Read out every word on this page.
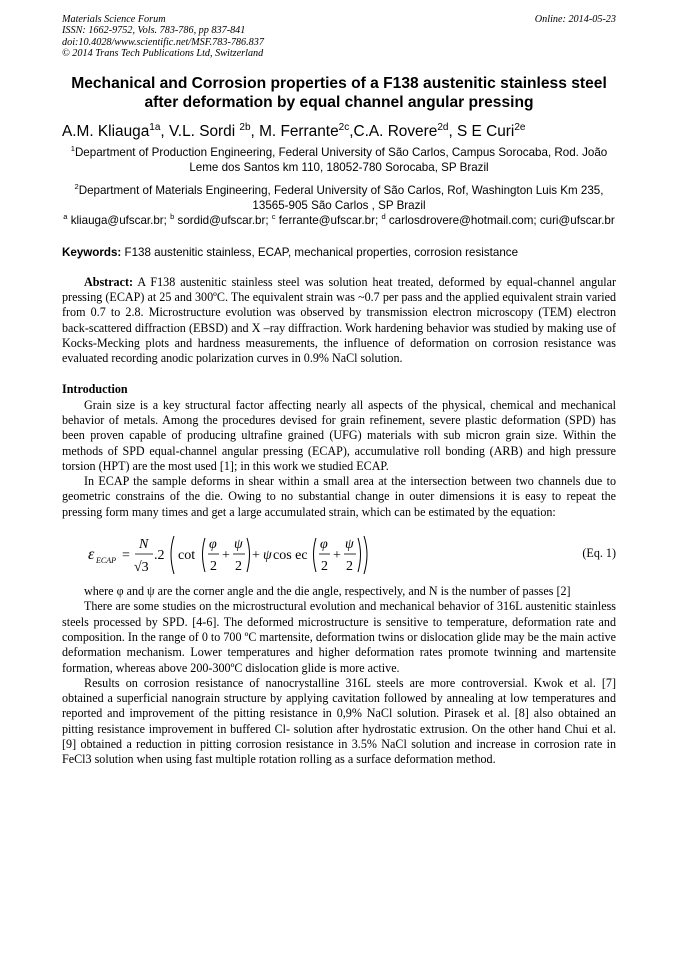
Materials Science Forum
ISSN: 1662-9752, Vols. 783-786, pp 837-841
doi:10.4028/www.scientific.net/MSF.783-786.837
© 2014 Trans Tech Publications Ltd, Switzerland
Online: 2014-05-23
Mechanical and Corrosion properties of a F138 austenitic stainless steel after deformation by equal channel angular pressing
A.M. Kliauga$^{1a}$, V.L. Sordi $^{2b}$, M. Ferrante$^{2c}$,C.A. Rovere$^{2d}$, S E Curi$^{2e}$
$^1$Department of Production Engineering, Federal University of São Carlos, Campus Sorocaba, Rod. João Leme dos Santos km 110, 18052-780 Sorocaba, SP Brazil
$^2$Department of Materials Engineering, Federal University of São Carlos, Rof, Washington Luis Km 235, 13565-905 São Carlos , SP Brazil
$^a$ kliauga@ufscar.br; $^b$ sordid@ufscar.br; $^c$ ferrante@ufscar.br; $^d$ carlosdrovere@hotmail.com; curi@ufscar.br
Keywords: F138 austenitic stainless, ECAP, mechanical properties, corrosion resistance

Abstract: A F138 austenitic stainless steel was solution heat treated, deformed by equal-channel angular pressing (ECAP) at 25 and 300ºC. The equivalent strain was ~0.7 per pass and the applied equivalent strain varied from 0.7 to 2.8. Microstructure evolution was observed by transmission electron microscopy (TEM) electron back-scattered diffraction (EBSD) and X –ray diffraction. Work hardening behavior was studied by making use of Kocks-Mecking plots and hardness measurements, the influence of deformation on corrosion resistance was evaluated recording anodic polarization curves in 0.9% NaCl solution.

Introduction

Grain size is a key structural factor affecting nearly all aspects of the physical, chemical and mechanical behavior of metals. Among the procedures devised for grain refinement, severe plastic deformation (SPD) has been proven capable of producing ultrafine grained (UFG) materials with sub micron grain size. Within the methods of SPD equal-channel angular pressing (ECAP), accumulative roll bonding (ARB) and high pressure torsion (HPT) are the most used [1]; in this work we studied ECAP.

In ECAP the sample deforms in shear within a small area at the intersection between two channels due to geometric constrains of the die. Owing to no substantial change in outer dimensions it is easy to repeat the pressing form many times and get a large accumulated strain, which can be estimated by the equation:

ε ECAP =
N
√3
.2 cot
φ
2
+
ψ
2
+ ψ cos ec
φ
2
+
ψ
2
(Eq. 1)

where φ and ψ are the corner angle and the die angle, respectively, and N is the number of passes [2]

There are some studies on the microstructural evolution and mechanical behavior of 316L austenitic stainless steels processed by SPD. [4-6]. The deformed microstructure is sensitive to temperature, deformation rate and composition. In the range of 0 to 700 ºC martensite, deformation twins or dislocation glide may be the main active deformation mechanism. Lower temperatures and higher deformation rates promote twinning and martensite formation, whereas above 200-300ºC dislocation glide is more active.

Results on corrosion resistance of nanocrystalline 316L steels are more controversial. Kwok et al. [7] obtained a superficial nanograin structure by applying cavitation followed by annealing at low temperatures and reported and improvement of the pitting resistance in 0,9% NaCl solution. Pirasek et al. [8] also obtained an pitting resistance improvement in buffered Cl- solution after hydrostatic extrusion. On the other hand Chui et al. [9] obtained a reduction in pitting corrosion resistance in 3.5% NaCl solution and increase in corrosion rate in FeCl3 solution when using fast multiple rotation rolling as a surface deformation method.
